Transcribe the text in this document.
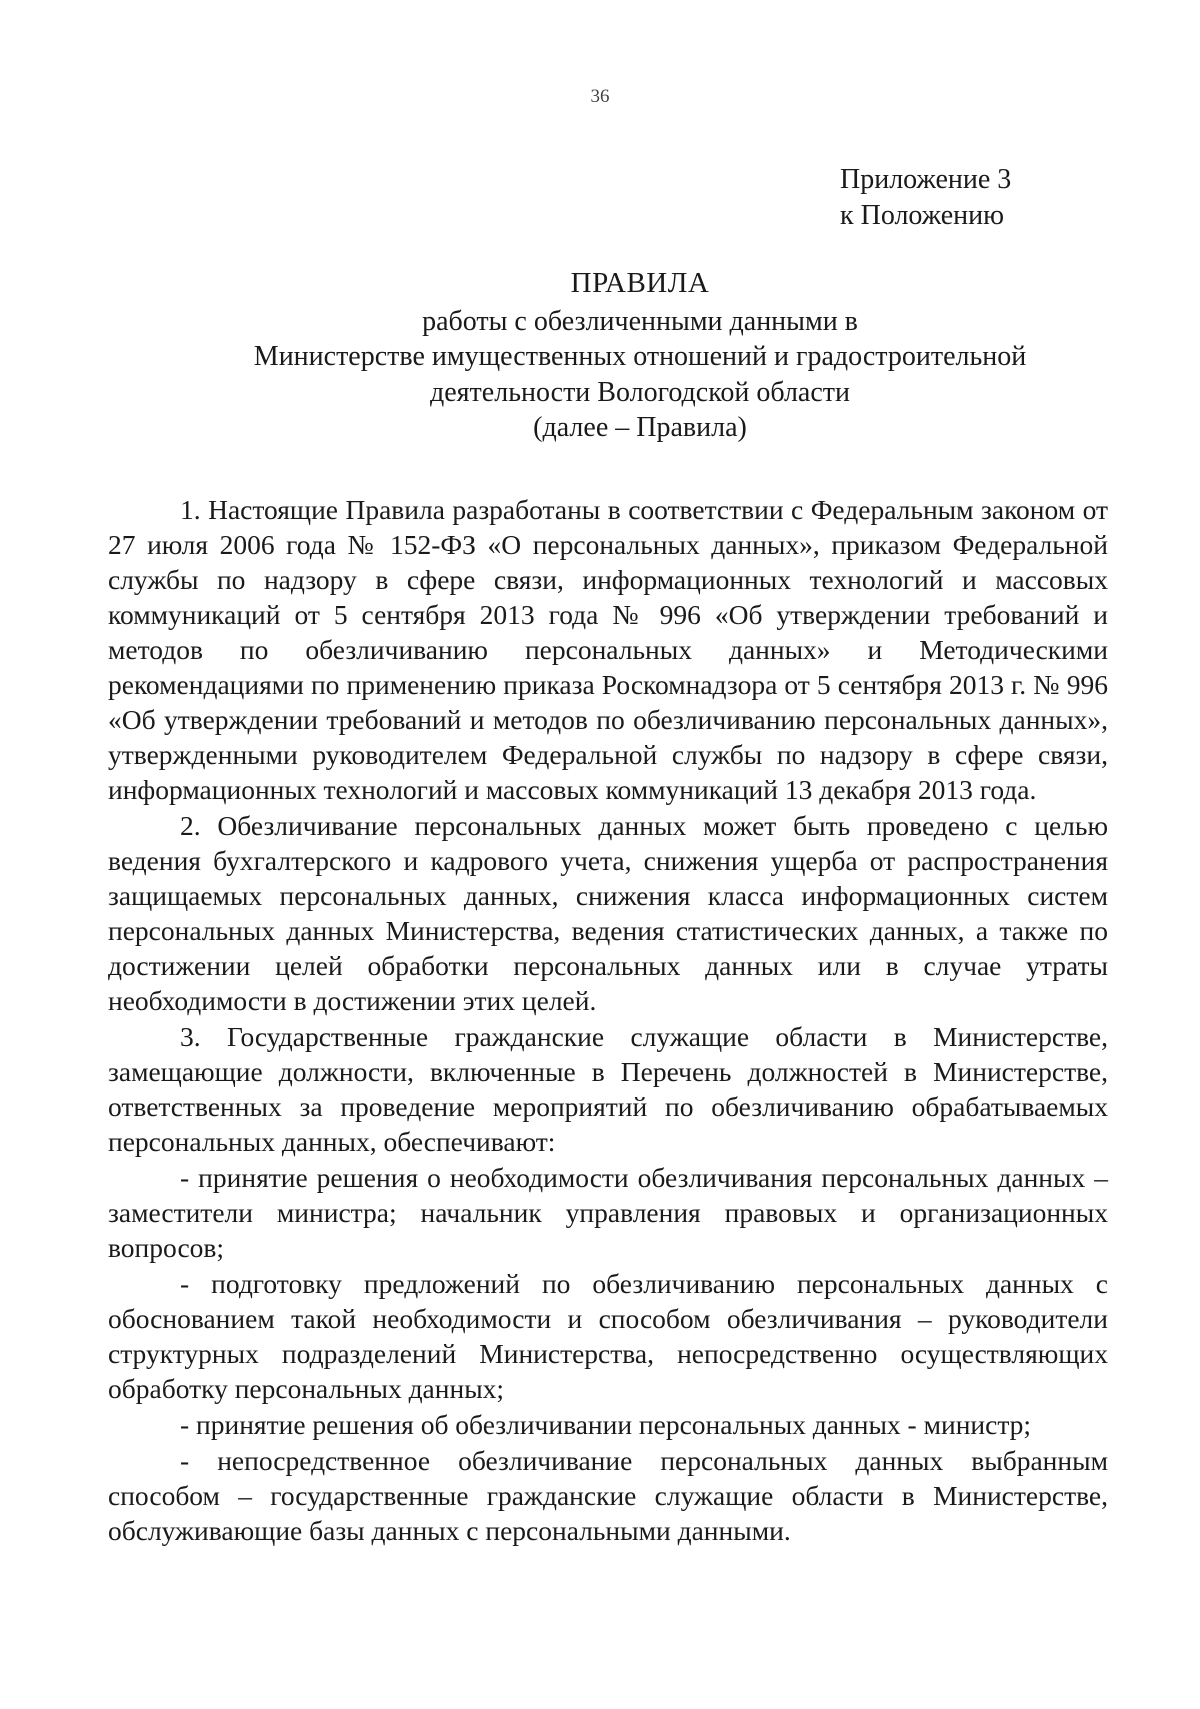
36
Приложение 3
к Положению
ПРАВИЛА
работы с обезличенными данными в
Министерстве имущественных отношений и градостроительной
деятельности Вологодской области
(далее – Правила)

1. Настоящие Правила разработаны в соответствии с Федеральным законом от 27 июля 2006 года № 152-ФЗ «О персональных данных», приказом Федеральной службы по надзору в сфере связи, информационных технологий и массовых коммуникаций от 5 сентября 2013 года № 996 «Об утверждении требований и методов по обезличиванию персональных данных» и Методическими рекомендациями по применению приказа Роскомнадзора от 5 сентября 2013 г. № 996 «Об утверждении требований и методов по обезличиванию персональных данных», утвержденными руководителем Федеральной службы по надзору в сфере связи, информационных технологий и массовых коммуникаций 13 декабря 2013 года.

2. Обезличивание персональных данных может быть проведено с целью ведения бухгалтерского и кадрового учета, снижения ущерба от распространения защищаемых персональных данных, снижения класса информационных систем персональных данных Министерства, ведения статистических данных, а также по достижении целей обработки персональных данных или в случае утраты необходимости в достижении этих целей.

3. Государственные гражданские служащие области в Министерстве, замещающие должности, включенные в Перечень должностей в Министерстве, ответственных за проведение мероприятий по обезличиванию обрабатываемых персональных данных, обеспечивают:

- принятие решения о необходимости обезличивания персональных данных – заместители министра; начальник управления правовых и организационных вопросов;

- подготовку предложений по обезличиванию персональных данных с обоснованием такой необходимости и способом обезличивания – руководители структурных подразделений Министерства, непосредственно осуществляющих обработку персональных данных;

- принятие решения об обезличивании персональных данных - министр;

- непосредственное обезличивание персональных данных выбранным способом – государственные гражданские служащие области в Министерстве, обслуживающие базы данных с персональными данными.
